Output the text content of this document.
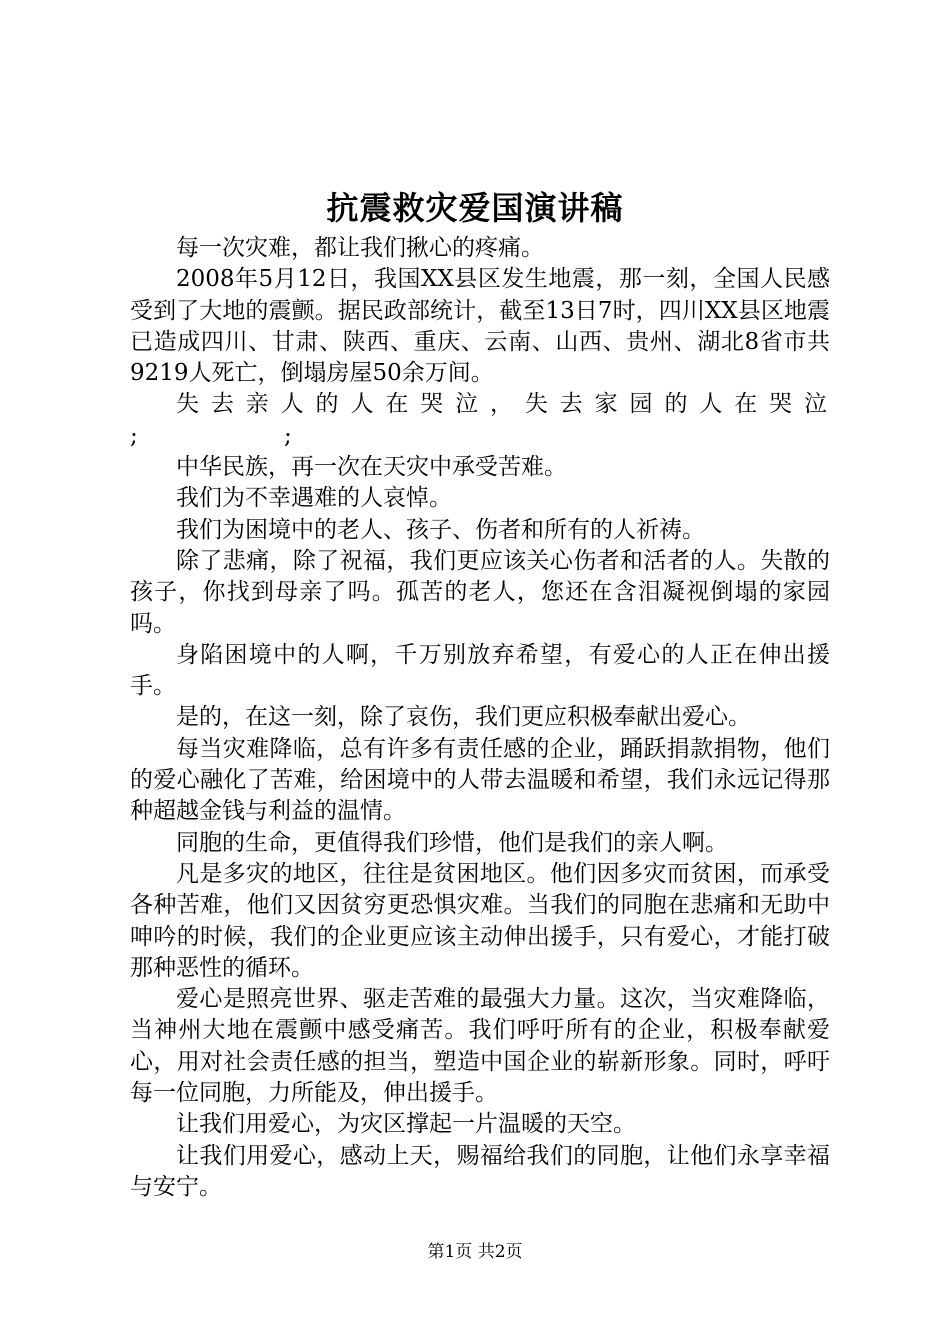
抗震救灾爱国演讲稿

每一次灾难，都让我们揪心的疼痛。

2008年5月12日，我国XX县区发生地震，那一刻，全国人民感受到了大地的震颤。据民政部统计，截至13日7时，四川XX县区地震已造成四川、甘肃、陕西、重庆、云南、山西、贵州、湖北8省市共9219人死亡，倒塌房屋50余万间。

失去亲人的人在哭泣，失去家园的人在哭泣

;                    ;

中华民族，再一次在天灾中承受苦难。

我们为不幸遇难的人哀悼。

我们为困境中的老人、孩子、伤者和所有的人祈祷。

除了悲痛，除了祝福，我们更应该关心伤者和活者的人。失散的孩子，你找到母亲了吗。孤苦的老人，您还在含泪凝视倒塌的家园吗。

身陷困境中的人啊，千万别放弃希望，有爱心的人正在伸出援手。

是的，在这一刻，除了哀伤，我们更应积极奉献出爱心。

每当灾难降临，总有许多有责任感的企业，踊跃捐款捐物，他们的爱心融化了苦难，给困境中的人带去温暖和希望，我们永远记得那种超越金钱与利益的温情。

同胞的生命，更值得我们珍惜，他们是我们的亲人啊。

凡是多灾的地区，往往是贫困地区。他们因多灾而贫困，而承受各种苦难，他们又因贫穷更恐惧灾难。当我们的同胞在悲痛和无助中呻吟的时候，我们的企业更应该主动伸出援手，只有爱心，才能打破那种恶性的循环。

爱心是照亮世界、驱走苦难的最强大力量。这次，当灾难降临，当神州大地在震颤中感受痛苦。我们呼吁所有的企业，积极奉献爱心，用对社会责任感的担当，塑造中国企业的崭新形象。同时，呼吁每一位同胞，力所能及，伸出援手。

让我们用爱心，为灾区撑起一片温暖的天空。

让我们用爱心，感动上天，赐福给我们的同胞，让他们永享幸福与安宁。

第1页 共2页
